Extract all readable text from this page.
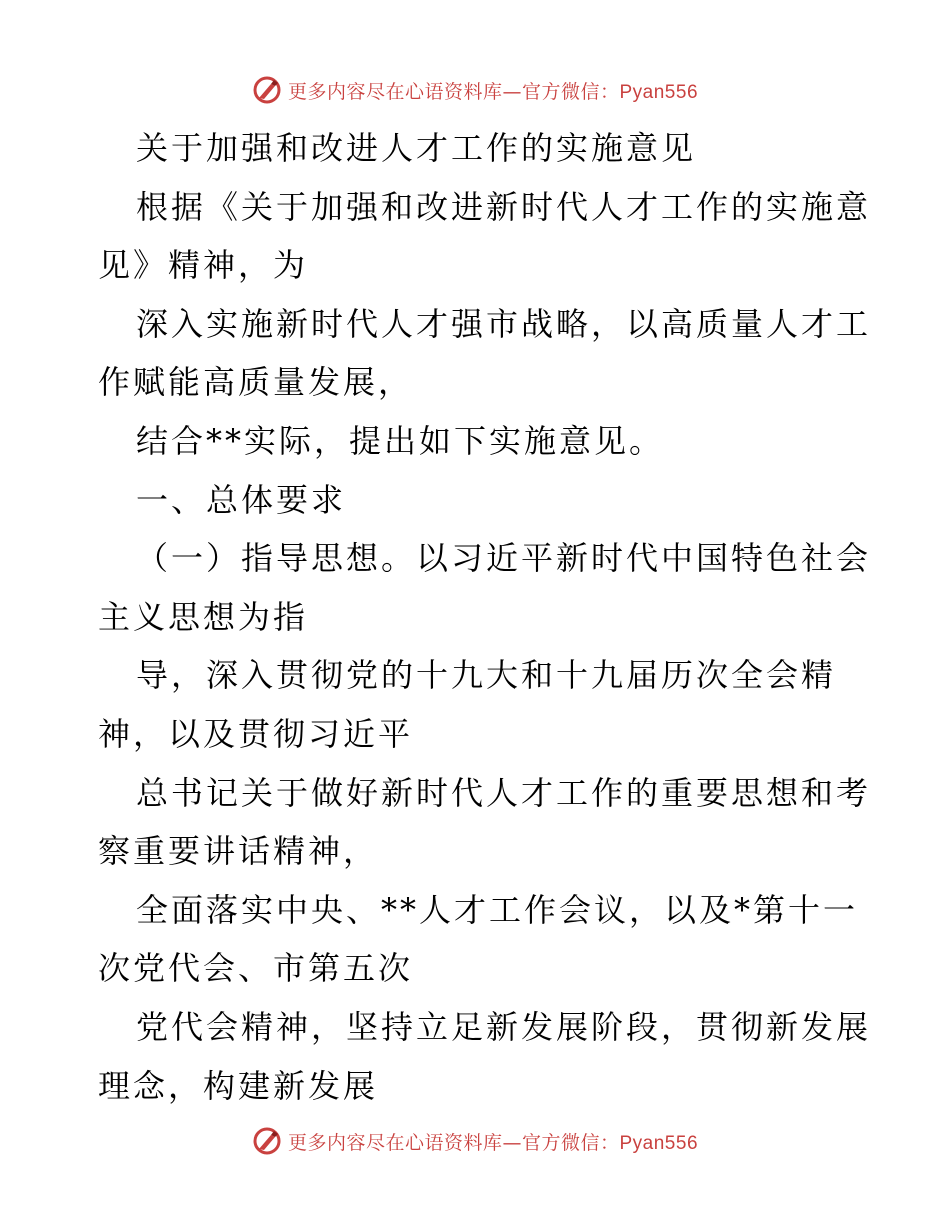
更多内容尽在心语资料库—官方微信：Pyan556
关于加强和改进人才工作的实施意见
根据《关于加强和改进新时代人才工作的实施意
见》精神，为
深入实施新时代人才强市战略，以高质量人才工
作赋能高质量发展，
结合**实际，提出如下实施意见。
一、总体要求
（一）指导思想。以习近平新时代中国特色社会
主义思想为指
导，深入贯彻党的十九大和十九届历次全会精
神，以及贯彻习近平
总书记关于做好新时代人才工作的重要思想和考
察重要讲话精神，
全面落实中央、**人才工作会议，以及*第十一
次党代会、市第五次
党代会精神，坚持立足新发展阶段，贯彻新发展
理念，构建新发展
更多内容尽在心语资料库—官方微信：Pyan556
